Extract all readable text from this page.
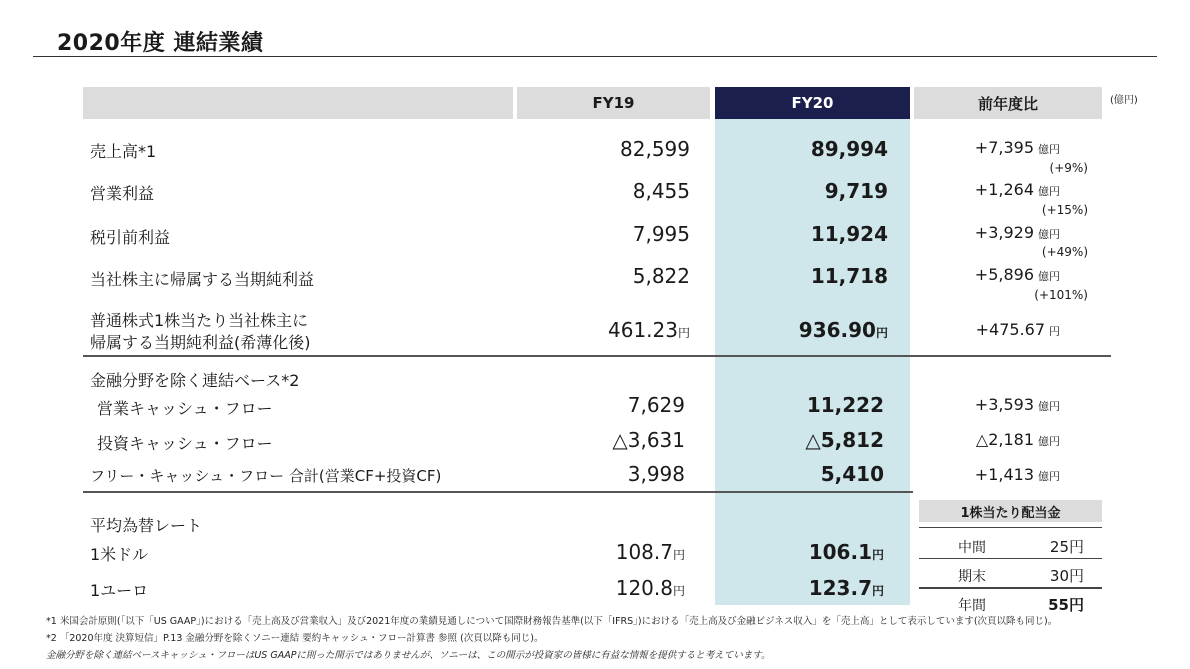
2020年度 連結業績
FY19	FY20	前年度比	(億円)
売上高*1	82,599	89,994	+7,395 億円
(+9%)
営業利益	8,455	9,719	+1,264 億円
(+15%)
税引前利益	7,995	11,924	+3,929 億円
(+49%)
当社株主に帰属する当期純利益	5,822	11,718	+5,896 億円
(+101%)
普通株式1株当たり当社株主に
帰属する当期純利益(希薄化後)
461.23円	936.90円	+475.67 円
金融分野を除く連結ベース*2
営業キャッシュ・フロー	7,629	11,222	+3,593 億円
投資キャッシュ・フロー	△3,631	△5,812	△2,181 億円
フリー・キャッシュ・フロー 合計(営業CF+投資CF)	3,998	5,410	+1,413 億円
平均為替レート
1米ドル	108.7円	106.1円
1ユーロ	120.8円	123.7円
1株当たり配当金
中間	25円
期末	30円
年間	55円
*1 米国会計原則(「以下「US GAAP」)における「売上高及び営業収入」及び2021年度の業績見通しについて国際財務報告基準(以下「IFRS」)における「売上高及び金融ビジネス収入」を「売上高」として表示しています(次頁以降も同じ)。
*2 「2020年度 決算短信」P.13 金融分野を除くソニー連結 要約キャッシュ・フロー計算書 参照 (次頁以降も同じ)。
金融分野を除く連結ベースキャッシュ・フローはUS GAAPに則った開示ではありませんが、ソニーは、この開示が投資家の皆様に有益な情報を提供すると考えています。
